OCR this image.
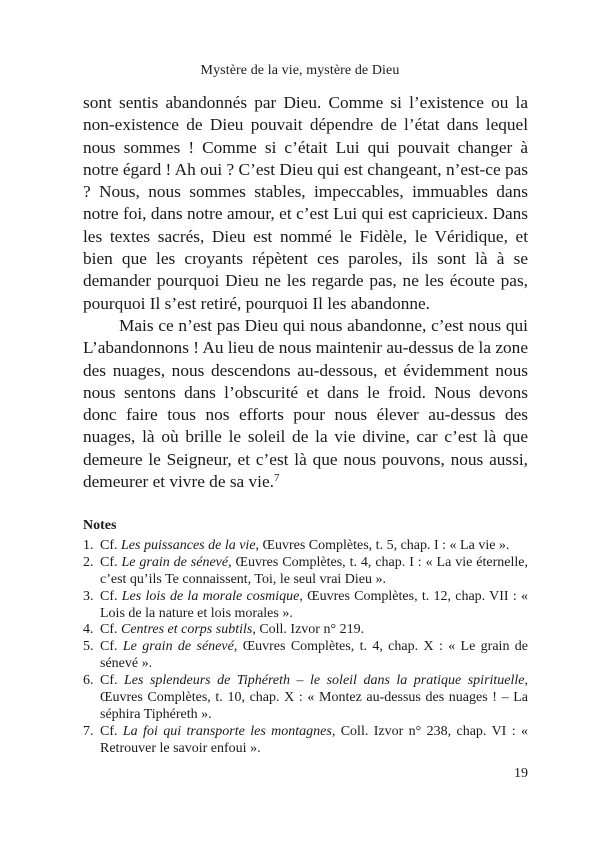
Mystère de la vie, mystère de Dieu

sont sentis abandonnés par Dieu. Comme si l’existence ou la non-existence de Dieu pouvait dépendre de l’état dans lequel nous sommes ! Comme si c’était Lui qui pouvait changer à notre égard ! Ah oui ? C’est Dieu qui est changeant, n’est-ce pas ? Nous, nous sommes stables, impeccables, immuables dans notre foi, dans notre amour, et c’est Lui qui est capricieux. Dans les textes sacrés, Dieu est nommé le Fidèle, le Véridique, et bien que les croyants répètent ces paroles, ils sont là à se demander pourquoi Dieu ne les regarde pas, ne les écoute pas, pourquoi Il s’est retiré, pourquoi Il les abandonne.

Mais ce n’est pas Dieu qui nous abandonne, c’est nous qui L’abandonnons ! Au lieu de nous maintenir au-dessus de la zone des nuages, nous descendons au-dessous, et évidemment nous nous sentons dans l’obscurité et dans le froid. Nous devons donc faire tous nos efforts pour nous élever au-dessus des nuages, là où brille le soleil de la vie divine, car c’est là que demeure le Seigneur, et c’est là que nous pouvons, nous aussi, demeurer et vivre de sa vie.$^7$

Notes
1. Cf. Les puissances de la vie, Œuvres Complètes, t. 5, chap. I : « La vie ».
2. Cf. Le grain de sénevé, Œuvres Complètes, t. 4, chap. I : « La vie éternelle, c’est qu’ils Te connaissent, Toi, le seul vrai Dieu ».
3. Cf. Les lois de la morale cosmique, Œuvres Complètes, t. 12, chap. VII : « Lois de la nature et lois morales ».
4. Cf. Centres et corps subtils, Coll. Izvor n° 219.
5. Cf. Le grain de sénevé, Œuvres Complètes, t. 4, chap. X : « Le grain de sénevé ».
6. Cf. Les splendeurs de Tiphéreth – le soleil dans la pratique spirituelle, Œuvres Complètes, t. 10, chap. X : « Montez au-dessus des nuages ! – La séphira Tiphéreth ».
7. Cf. La foi qui transporte les montagnes, Coll. Izvor n° 238, chap. VI : « Retrouver le savoir enfoui ».
19
